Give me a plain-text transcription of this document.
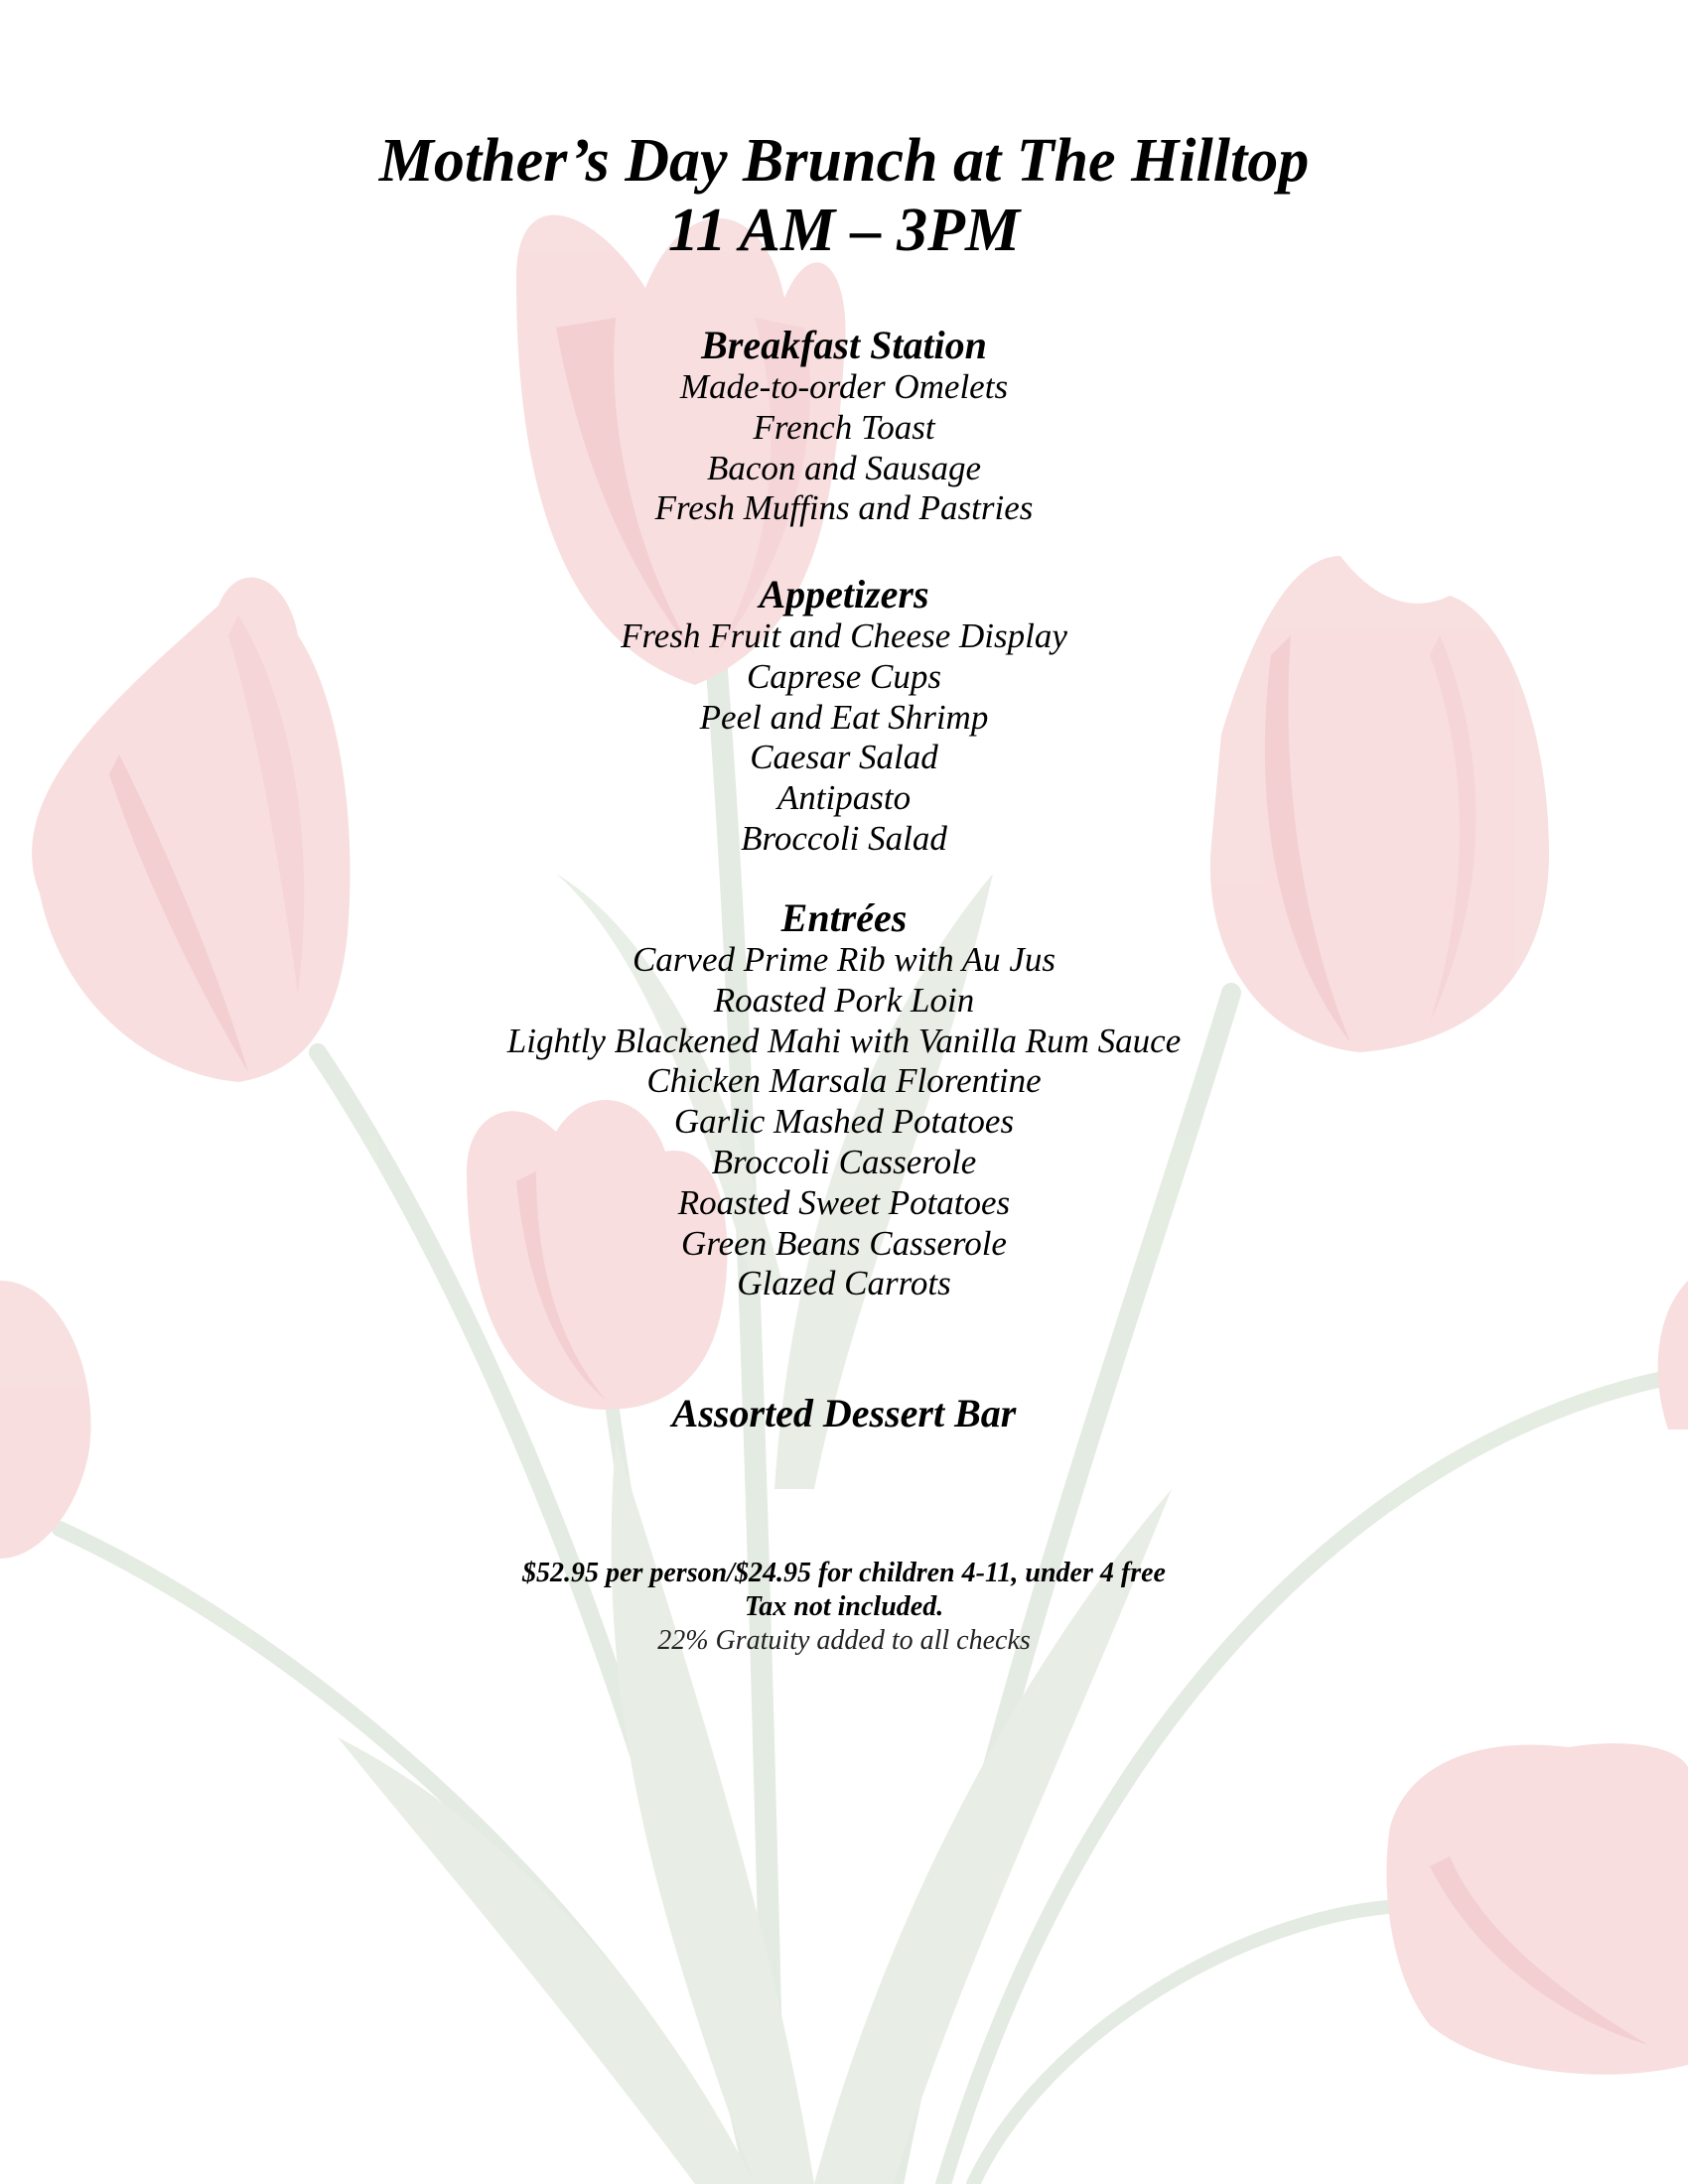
Mother’s Day Brunch at The Hilltop
11 AM – 3PM

Breakfast Station

Made-to-order Omelets

French Toast

Bacon and Sausage

Fresh Muffins and Pastries

Appetizers

Fresh Fruit and Cheese Display

Caprese Cups

Peel and Eat Shrimp

Caesar Salad

Antipasto

Broccoli Salad

Entrées

Carved Prime Rib with Au Jus

Roasted Pork Loin

Lightly Blackened Mahi with Vanilla Rum Sauce

Chicken Marsala Florentine

Garlic Mashed Potatoes

Broccoli Casserole

Roasted Sweet Potatoes

Green Beans Casserole

Glazed Carrots

Assorted Dessert Bar

$52.95 per person/$24.95 for children 4-11, under 4 free

Tax not included.

22% Gratuity added to all checks
